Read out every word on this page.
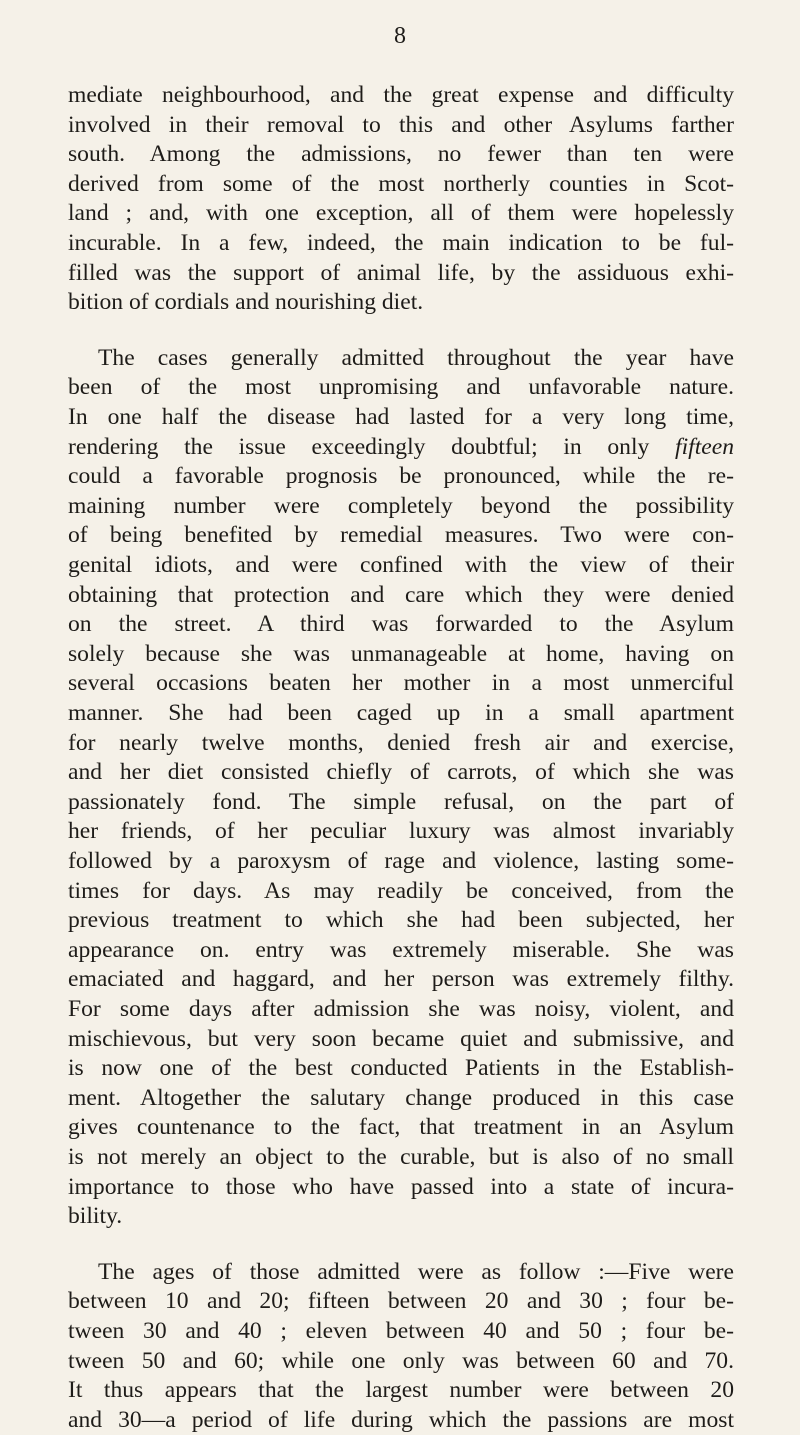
8
mediate neighbourhood, and the great expense and difficulty
involved in their removal to this and other Asylums farther
south. Among the admissions, no fewer than ten were
derived from some of the most northerly counties in Scot-
land ; and, with one exception, all of them were hopelessly
incurable. In a few, indeed, the main indication to be ful-
filled was the support of animal life, by the assiduous exhi-
bition of cordials and nourishing diet.
The cases generally admitted throughout the year have
been of the most unpromising and unfavorable nature.
In one half the disease had lasted for a very long time,
rendering the issue exceedingly doubtful; in only fifteen
could a favorable prognosis be pronounced, while the re-
maining number were completely beyond the possibility
of being benefited by remedial measures. Two were con-
genital idiots, and were confined with the view of their
obtaining that protection and care which they were denied
on the street. A third was forwarded to the Asylum
solely because she was unmanageable at home, having on
several occasions beaten her mother in a most unmerciful
manner. She had been caged up in a small apartment
for nearly twelve months, denied fresh air and exercise,
and her diet consisted chiefly of carrots, of which she was
passionately fond. The simple refusal, on the part of
her friends, of her peculiar luxury was almost invariably
followed by a paroxysm of rage and violence, lasting some-
times for days. As may readily be conceived, from the
previous treatment to which she had been subjected, her
appearance on. entry was extremely miserable. She was
emaciated and haggard, and her person was extremely filthy.
For some days after admission she was noisy, violent, and
mischievous, but very soon became quiet and submissive, and
is now one of the best conducted Patients in the Establish-
ment. Altogether the salutary change produced in this case
gives countenance to the fact, that treatment in an Asylum
is not merely an object to the curable, but is also of no small
importance to those who have passed into a state of incura-
bility.
The ages of those admitted were as follow :—Five were
between 10 and 20; fifteen between 20 and 30 ; four be-
tween 30 and 40 ; eleven between 40 and 50 ; four be-
tween 50 and 60; while one only was between 60 and 70.
It thus appears that the largest number were between 20
and 30—a period of life during which the passions are most
